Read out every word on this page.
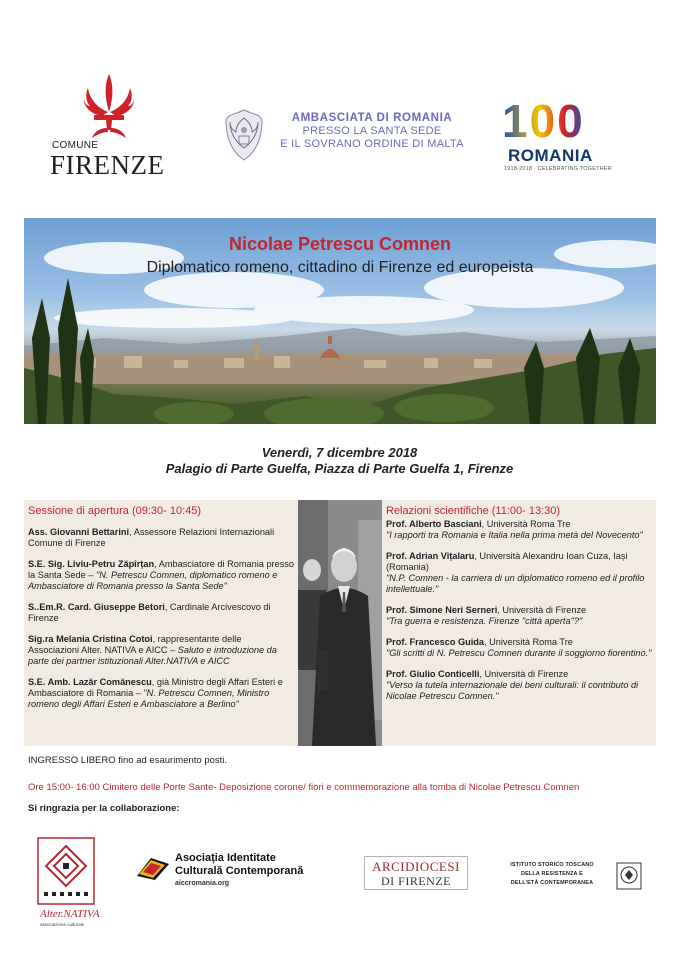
COMUNE
FIRENZE
AMBASCIATA DI ROMANIA
PRESSO LA SANTA SEDE
E IL SOVRANO ORDINE DI MALTA 100
ROMANIA
1918-2018 · CELEBRATING TOGETHER
Nicolae Petrescu Comnen
Diplomatico romeno, cittadino di Firenze ed europeista
Venerdì, 7 dicembre 2018
Palagio di Parte Guelfa, Piazza di Parte Guelfa 1, Firenze
Sessione di apertura (09:30- 10:45)
Ass. Giovanni Bettarini, Assessore Relazioni Internazionali Comune di Firenze
S.E. Sig. Liviu-Petru Zăpîrțan, Ambasciatore di Romania presso la Santa Sede – "N. Petrescu Comnen, diplomatico romeno e Ambasciatore di Romania presso la Santa Sede"
S..Em.R. Card. Giuseppe Betori, Cardinale Arcivescovo di Firenze
Sig.ra Melania Cristina Cotoi, rappresentante delle Associazioni Alter. NATIVA e AICC – Saluto e introduzione da parte dei partner istituzionali Alter.NATIVA e AICC
S.E. Amb. Lazăr Comănescu, già Ministro degli Affari Esteri e Ambasciatore di Romania – "N. Petrescu Comnen, Ministro romeno degli Affari Esteri e Ambasciatore a Berlino"
Relazioni scientifiche (11:00- 13:30)
Prof. Alberto Basciani, Università Roma Tre
"I rapporti tra Romania e Italia nella prima metà del Novecento"
Prof. Adrian Vițalaru, Università Alexandru Ioan Cuza, Iași (Romania)
"N.P. Comnen - la carriera di un diplomatico romeno ed il profilo intellettuale."
Prof. Simone Neri Serneri, Università di Firenze
"Tra guerra e resistenza. Firenze "città aperta"?"
Prof. Francesco Guida, Università Roma Tre
"Gli scritti di N. Petrescu Comnen durante il soggiorno fiorentino."
Prof. Giulio Conticelli, Università di Firenze
"Verso la tutela internazionale dei beni culturali: il contributo di Nicolae Petrescu Comnen."
INGRESSO LIBERO fino ad esaurimento posti.
Ore 15:00- 16:00 Cimitero delle Porte Sante- Deposizione corone/ fiori e commemorazione alla tomba di Nicolae Petrescu Comnen
Si ringrazia per la collaborazione:
Alter.NATIVA
associazione culturale
Asociația Identitate
Culturală Contemporană
aiccromania.org
ARCIDIOCESI
DI FIRENZE
ISTITUTO STORICO TOSCANO
DELLA RESISTENZA E
DELL'ETÀ CONTEMPORANEA
